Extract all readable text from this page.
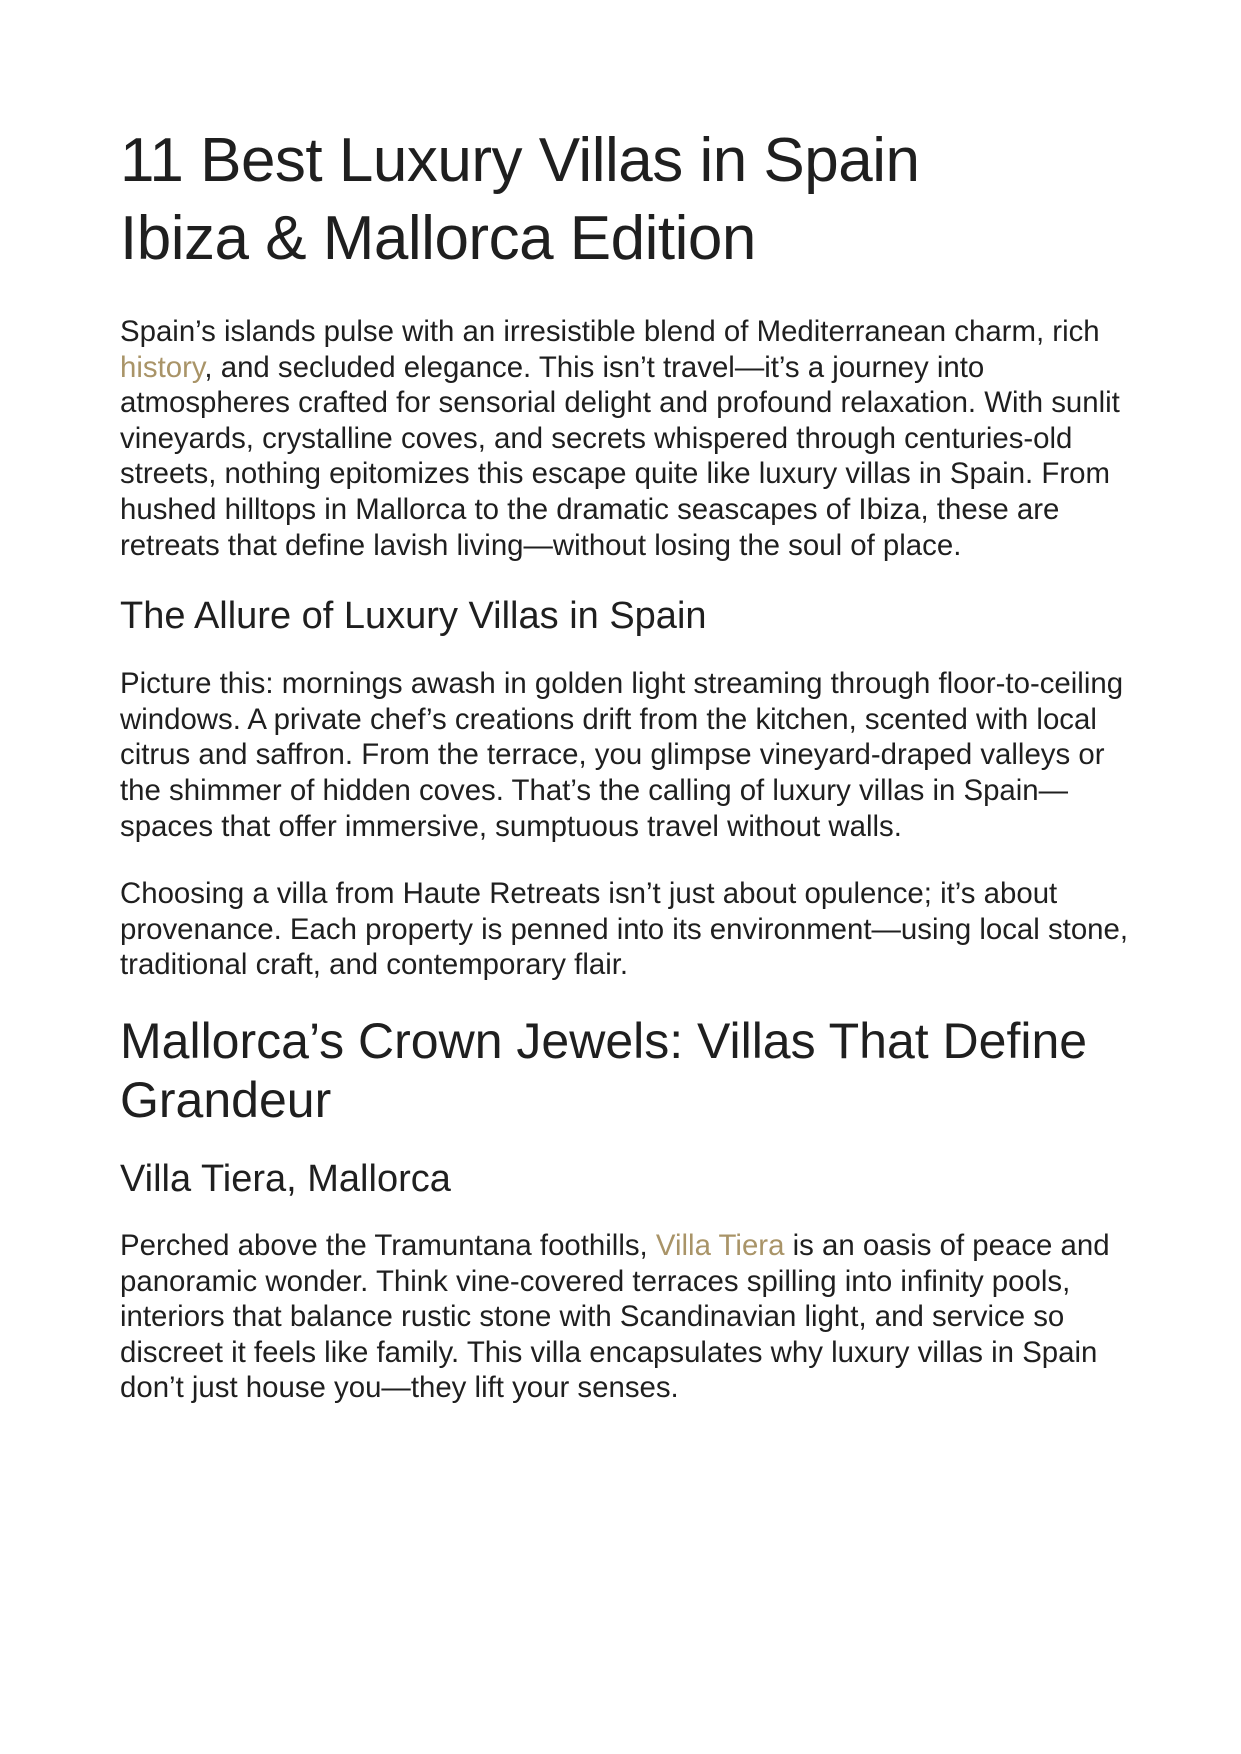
11 Best Luxury Villas in Spain
Ibiza & Mallorca Edition

Spain’s islands pulse with an irresistible blend of Mediterranean charm, rich history, and secluded elegance. This isn’t travel—it’s a journey into atmospheres crafted for sensorial delight and profound relaxation. With sunlit vineyards, crystalline coves, and secrets whispered through centuries-old streets, nothing epitomizes this escape quite like luxury villas in Spain. From hushed hilltops in Mallorca to the dramatic seascapes of Ibiza, these are retreats that define lavish living—without losing the soul of place.

The Allure of Luxury Villas in Spain

Picture this: mornings awash in golden light streaming through floor-to-ceiling windows. A private chef’s creations drift from the kitchen, scented with local citrus and saffron. From the terrace, you glimpse vineyard-draped valleys or the shimmer of hidden coves. That’s the calling of luxury villas in Spain—spaces that offer immersive, sumptuous travel without walls.

Choosing a villa from Haute Retreats isn’t just about opulence; it’s about provenance. Each property is penned into its environment—using local stone, traditional craft, and contemporary flair.

Mallorca’s Crown Jewels: Villas That Define Grandeur
Villa Tiera, Mallorca

Perched above the Tramuntana foothills, Villa Tiera is an oasis of peace and panoramic wonder. Think vine-covered terraces spilling into infinity pools, interiors that balance rustic stone with Scandinavian light, and service so discreet it feels like family. This villa encapsulates why luxury villas in Spain don’t just house you—they lift your senses.
